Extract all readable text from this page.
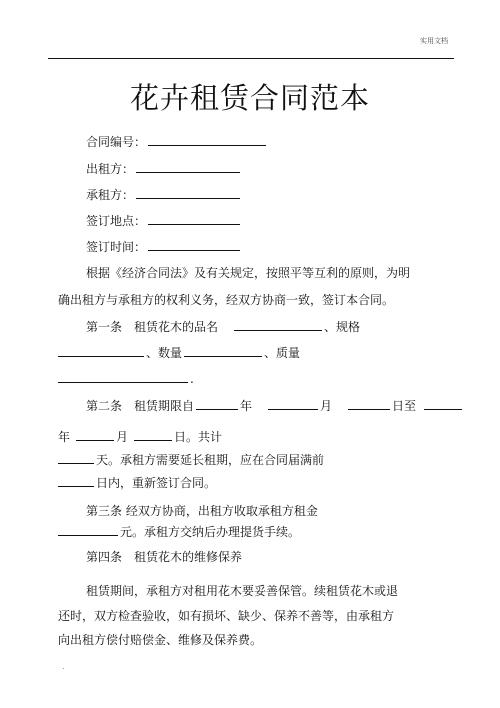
实用文档
花卉租赁合同范本
合同编号：
出租方：
承租方：
签订地点：
签订时间：
根据《经济合同法》及有关规定，按照平等互利的原则，为明
确出租方与承租方的权利义务，经双方协商一致，签订本合同。
第一条　租赁花木的品名	、规格
、数量	、质量
.
第二条　租赁期限自	年	月	日至
年	月	日。共计
天。承租方需要延长租期，应在合同届满前
日内，重新签订合同。
第三条 经双方协商，出租方收取承租方租金
元。承租方交纳后办理提货手续。
第四条　租赁花木的维修保养
租赁期间，承租方对租用花木要妥善保管。续租赁花木或退
还时，双方检查验收，如有损坏、缺少、保养不善等，由承租方
向出租方偿付赔偿金、维修及保养费。
.
